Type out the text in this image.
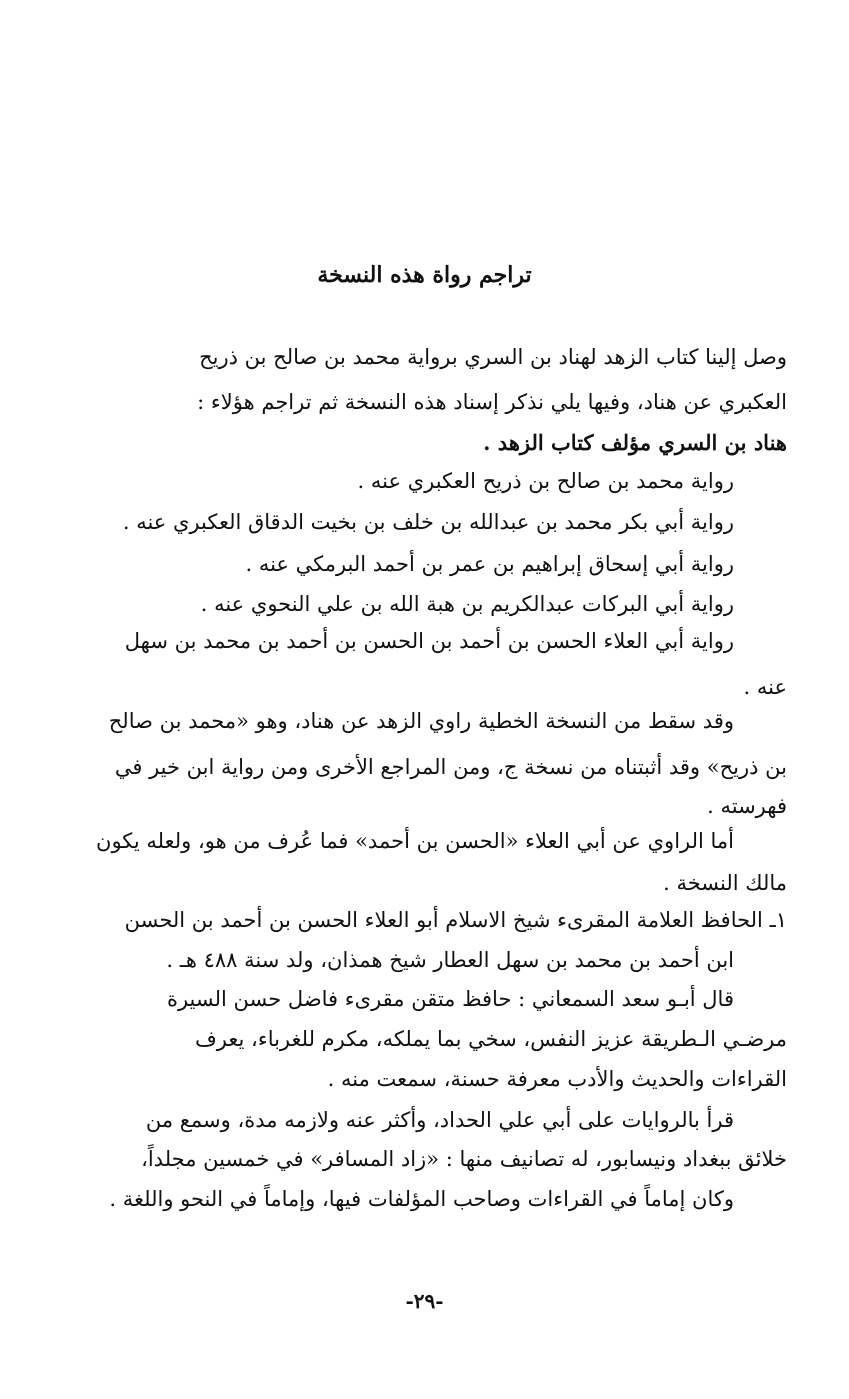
تراجم رواة هذه النسخة
وصل إلينا كتاب الزهد لهناد بن السري برواية محمد بن صالح بن ذريح
العكبري عن هناد، وفيها يلي نذكر إسناد هذه النسخة ثم تراجم هؤلاء :
هناد بن السري مؤلف كتاب الزهد .
رواية محمد بن صالح بن ذريح العكبري عنه .
رواية أبي بكر محمد بن عبدالله بن خلف بن بخيت الدقاق العكبري عنه .
رواية أبي إسحاق إبراهيم بن عمر بن أحمد البرمكي عنه .
رواية أبي البركات عبدالكريم بن هبة الله بن علي النحوي عنه .
رواية أبي العلاء الحسن بن أحمد بن الحسن بن أحمد بن محمد بن سهل
عنه .
وقد سقط من النسخة الخطية راوي الزهد عن هناد، وهو «محمد بن صالح
بن ذريح» وقد أثبتناه من نسخة ج، ومن المراجع الأخرى ومن رواية ابن خير في
فهرسته .
أما الراوي عن أبي العلاء «الحسن بن أحمد» فما عُرف من هو، ولعله يكون
مالك النسخة .
١ـ الحافظ العلامة المقرىء شيخ الاسلام أبو العلاء الحسن بن أحمد بن الحسن
ابن أحمد بن محمد بن سهل العطار شيخ همذان، ولد سنة ٤٨٨ هـ .
قال أبـو سعد السمعاني : حافظ متقن مقرىء فاضل حسن السيرة
مرضـي الـطريقة عزيز النفس، سخي بما يملكه، مكرم للغرباء، يعرف
القراءات والحديث والأدب معرفة حسنة، سمعت منه .
قرأ بالروايات على أبي علي الحداد، وأكثر عنه ولازمه مدة، وسمع من
خلائق ببغداد ونيسابور، له تصانيف منها : «زاد المسافر» في خمسين مجلداً،
وكان إماماً في القراءات وصاحب المؤلفات فيها، وإماماً في النحو واللغة .
-٢٩-
